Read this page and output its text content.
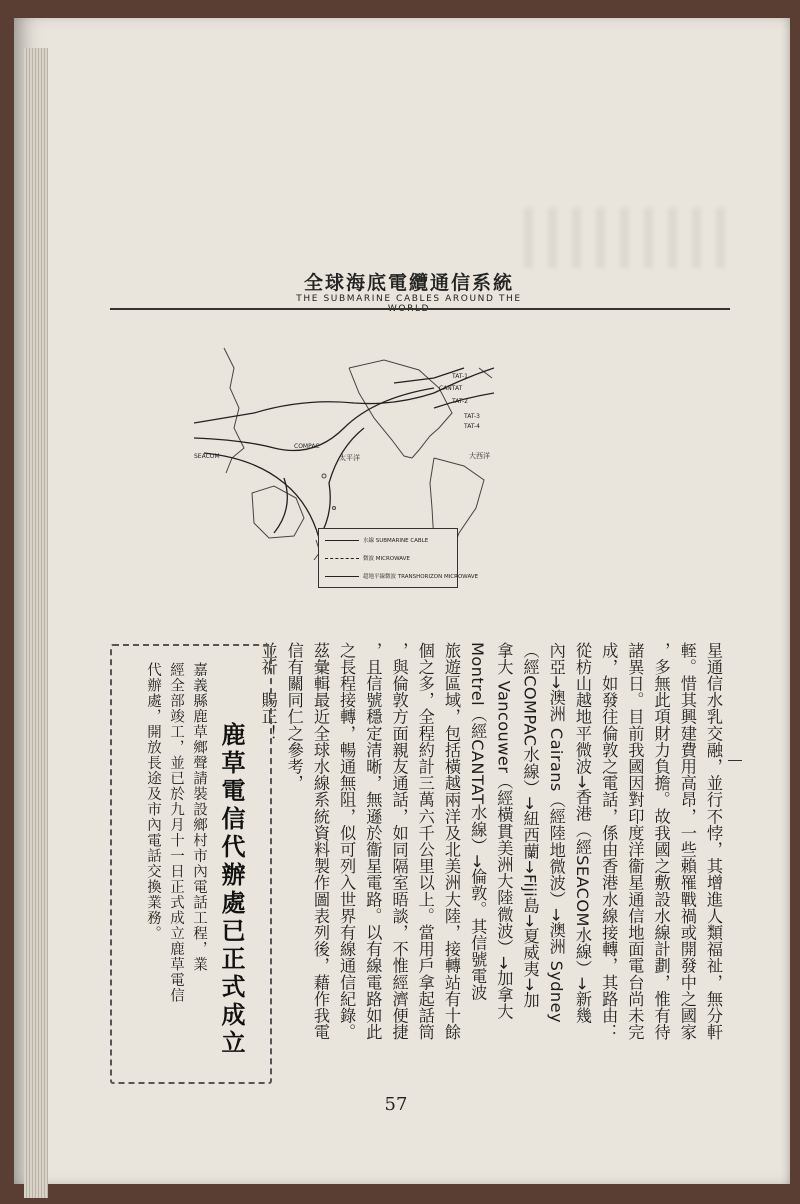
全球海底電纜通信系統
THE SUBMARINE CABLES AROUND THE WORLD
SEACOM
COMPAC
CANTAT
TAT-1
TAT-2
TAT-3
TAT-4
太平洋	大西洋
水線 SUBMARINE CABLE
微波 MICROWAVE
超地平線微波 TRANSHORIZON MICROWAVE

星通信水乳交融，並行不悖，其增進人類福祉，無分軒

輊。惜其興建費用高昂，一些賴罹戰禍或開發中之國家

，多無此項財力負擔。故我國之敷設水線計劃，惟有待

諸異日。目前我國因對印度洋衞星通信地面電台尚未完

成，如發往倫敦之電話，係由香港水線接轉，其路由：

從枋山越地平微波→香港（經SEACOM水線）→新幾

內亞→澳洲 Cairans（經陸地微波）→澳洲 Sydney

（經COMPAC水線）→紐西蘭→Fiji島→夏威夷→加

拿大 Vancouwer（經橫貫美洲大陸微波）→加拿大

Montrel（經CANTAT水線）→倫敦。其信號電波

旅遊區域，包括橫越兩洋及北美洲大陸，接轉站有十餘

個之多，全程約計三萬六千公里以上。當用戶拿起話筒

，與倫敦方面親友通話，如同隔室晤談，不惟經濟便捷

，且信號穩定清晰，無遜於衞星電路。以有線電路如此

之長程接轉，暢通無阻，似可列入世界有線通信紀錄。

茲彙輯最近全球水線系統資料製作圖表列後，藉作我電

信有關同仁之參考，

並祈　賜正！

鹿草電信代辦處已正式成立
嘉義縣鹿草鄉聲請裝設鄉村市內電話工程，業
經全部竣工，並已於九月十一日正式成立鹿草電信
代辦處，開放長途及市內電話交換業務。
57
